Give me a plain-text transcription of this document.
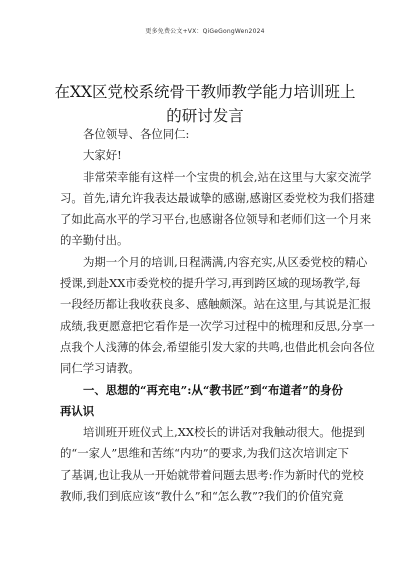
更多免费公文+VX：QiGeGongWen2024
在XX区党校系统骨干教师教学能力培训班上
的研讨发言
各位领导、各位同仁:
大家好!
非常荣幸能有这样一个宝贵的机会,站在这里与大家交流学
习。首先,请允许我表达最诚挚的感谢,感谢区委党校为我们搭建
了如此高水平的学习平台,也感谢各位领导和老师们这一个月来
的辛勤付出。
为期一个月的培训,日程满满,内容充实,从区委党校的精心
授课,到赴XX市委党校的提升学习,再到跨区域的现场教学,每
一段经历都让我收获良多、感触颇深。站在这里,与其说是汇报
成绩,我更愿意把它看作是一次学习过程中的梳理和反思,分享一
点我个人浅薄的体会,希望能引发大家的共鸣,也借此机会向各位
同仁学习请教。
一、思想的“再充电”:从“教书匠”到“布道者”的身份
再认识
培训班开班仪式上,XX校长的讲话对我触动很大。他提到
的“一家人”思维和苦练“内功”的要求,为我们这次培训定下
了基调,也让我从一开始就带着问题去思考:作为新时代的党校
教师,我们到底应该“教什么”和“怎么教”?我们的价值究竟
